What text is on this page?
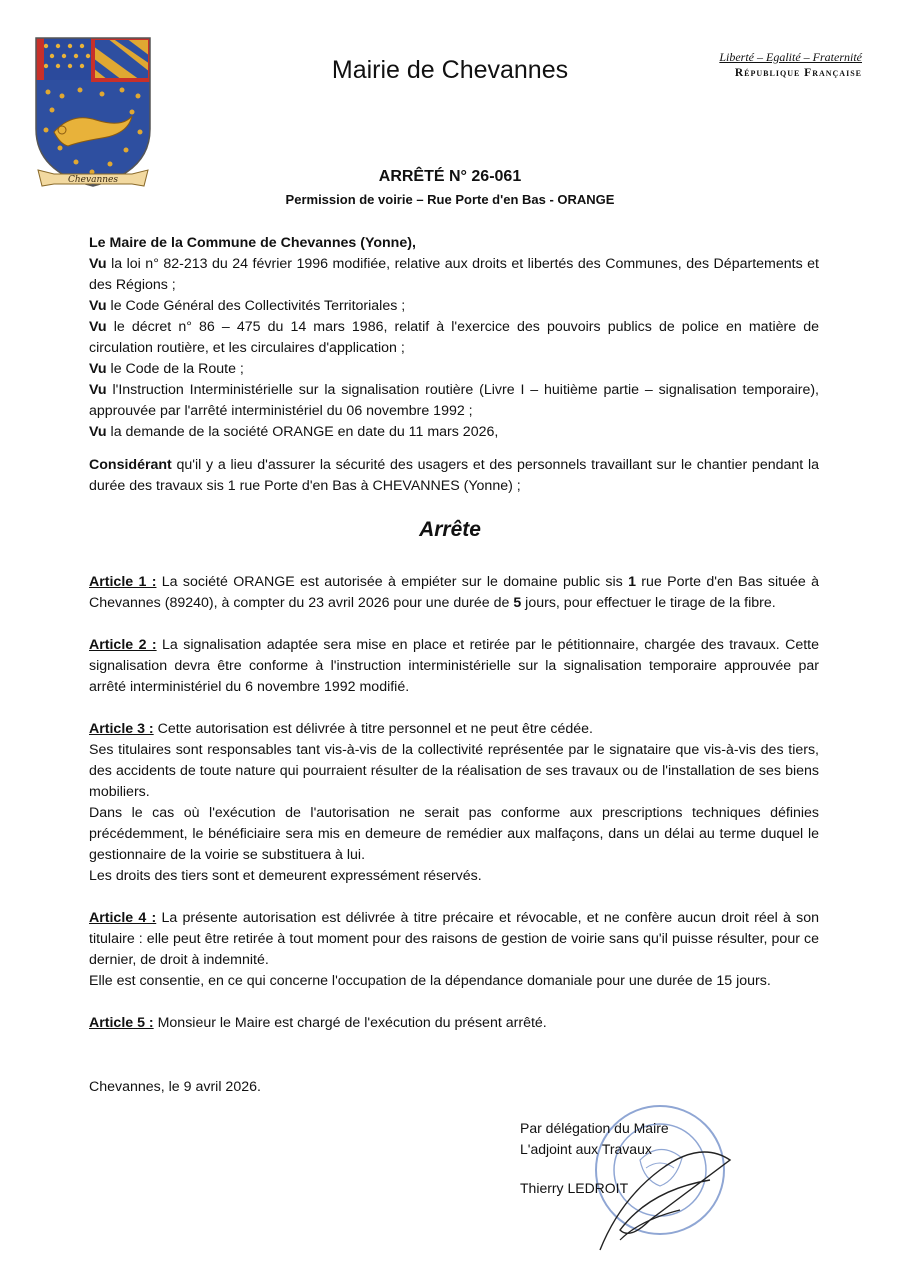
Chevannes
Mairie de Chevannes	Liberté – Egalité – Fraternité
République Française
ARRÊTÉ N° 26-061
Permission de voirie – Rue Porte d'en Bas - ORANGE

Le Maire de la Commune de Chevannes (Yonne),

Vu la loi n° 82-213 du 24 février 1996 modifiée, relative aux droits et libertés des Communes, des Départements et des Régions ;

Vu le Code Général des Collectivités Territoriales ;

Vu le décret n° 86 – 475 du 14 mars 1986, relatif à l'exercice des pouvoirs publics de police en matière de circulation routière, et les circulaires d'application ;

Vu le Code de la Route ;

Vu l'Instruction Interministérielle sur la signalisation routière (Livre I – huitième partie – signalisation temporaire), approuvée par l'arrêté interministériel du 06 novembre 1992 ;

Vu la demande de la société ORANGE en date du 11 mars 2026,

Considérant qu'il y a lieu d'assurer la sécurité des usagers et des personnels travaillant sur le chantier pendant la durée des travaux sis 1 rue Porte d'en Bas à CHEVANNES (Yonne) ;

Arrête

Article 1 : La société ORANGE est autorisée à empiéter sur le domaine public sis 1 rue Porte d'en Bas située à Chevannes (89240), à compter du 23 avril 2026 pour une durée de 5 jours, pour effectuer le tirage de la fibre.

Article 2 : La signalisation adaptée sera mise en place et retirée par le pétitionnaire, chargée des travaux. Cette signalisation devra être conforme à l'instruction interministérielle sur la signalisation temporaire approuvée par arrêté interministériel du 6 novembre 1992 modifié.

Article 3 : Cette autorisation est délivrée à titre personnel et ne peut être cédée.

Ses titulaires sont responsables tant vis-à-vis de la collectivité représentée par le signataire que vis-à-vis des tiers, des accidents de toute nature qui pourraient résulter de la réalisation de ses travaux ou de l'installation de ses biens mobiliers.

Dans le cas où l'exécution de l'autorisation ne serait pas conforme aux prescriptions techniques définies précédemment, le bénéficiaire sera mis en demeure de remédier aux malfaçons, dans un délai au terme duquel le gestionnaire de la voirie se substituera à lui.

Les droits des tiers sont et demeurent expressément réservés.

Article 4 : La présente autorisation est délivrée à titre précaire et révocable, et ne confère aucun droit réel à son titulaire : elle peut être retirée à tout moment pour des raisons de gestion de voirie sans qu'il puisse résulter, pour ce dernier, de droit à indemnité.

Elle est consentie, en ce qui concerne l'occupation de la dépendance domaniale pour une durée de 15 jours.

Article 5 : Monsieur le Maire est chargé de l'exécution du présent arrêté.

Chevannes, le 9 avril 2026.
Par délégation du Maire
L'adjoint aux Travaux
Thierry LEDROIT
